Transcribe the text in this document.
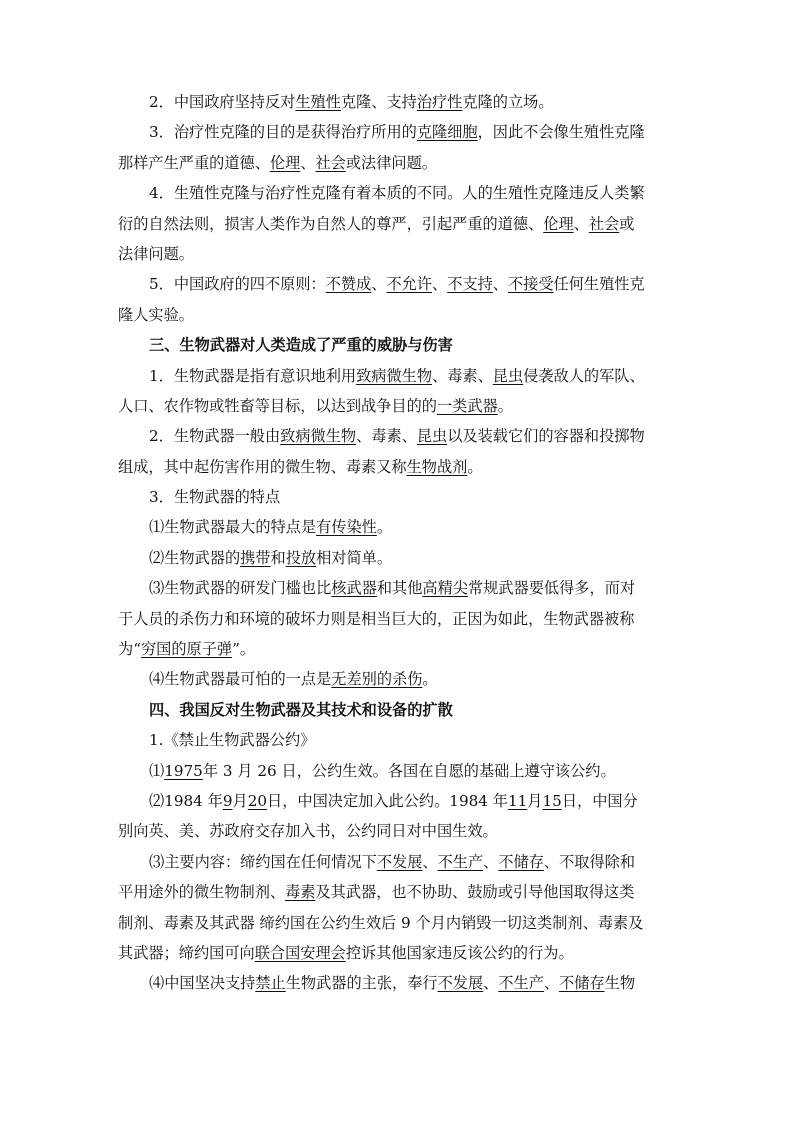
2．中国政府坚持反对生殖性克隆、支持治疗性克隆的立场。
3．治疗性克隆的目的是获得治疗所用的克隆细胞，因此不会像生殖性克隆
那样产生严重的道德、伦理、社会或法律问题。
4．生殖性克隆与治疗性克隆有着本质的不同。人的生殖性克隆违反人类繁
衍的自然法则，损害人类作为自然人的尊严，引起严重的道德、伦理、社会或
法律问题。
5．中国政府的四不原则：不赞成、不允许、不支持、不接受任何生殖性克
隆人实验。
三、生物武器对人类造成了严重的威胁与伤害
1．生物武器是指有意识地利用致病微生物、毒素、昆虫侵袭敌人的军队、
人口、农作物或牲畜等目标，以达到战争目的的一类武器。
2．生物武器一般由致病微生物、毒素、昆虫以及装载它们的容器和投掷物
组成，其中起伤害作用的微生物、毒素又称生物战剂。
3．生物武器的特点
⑴生物武器最大的特点是有传染性。
⑵生物武器的携带和投放相对简单。
⑶生物武器的研发门槛也比核武器和其他高精尖常规武器要低得多，而对
于人员的杀伤力和环境的破坏力则是相当巨大的，正因为如此，生物武器被称
为“穷国的原子弹”。
⑷生物武器最可怕的一点是无差别的杀伤。
四、我国反对生物武器及其技术和设备的扩散
1.《禁止生物武器公约》
⑴1975年 3 月 26 日，公约生效。各国在自愿的基础上遵守该公约。
⑵1984 年9月20日，中国决定加入此公约。1984 年11月15日，中国分
别向英、美、苏政府交存加入书，公约同日对中国生效。
⑶主要内容：缔约国在任何情况下不发展、不生产、不储存、不取得除和
平用途外的微生物制剂、毒素及其武器，也不协助、鼓励或引导他国取得这类
制剂、毒素及其武器 缔约国在公约生效后 9 个月内销毁一切这类制剂、毒素及
其武器；缔约国可向联合国安理会控诉其他国家违反该公约的行为。
⑷中国坚决支持禁止生物武器的主张，奉行不发展、不生产、不储存生物
